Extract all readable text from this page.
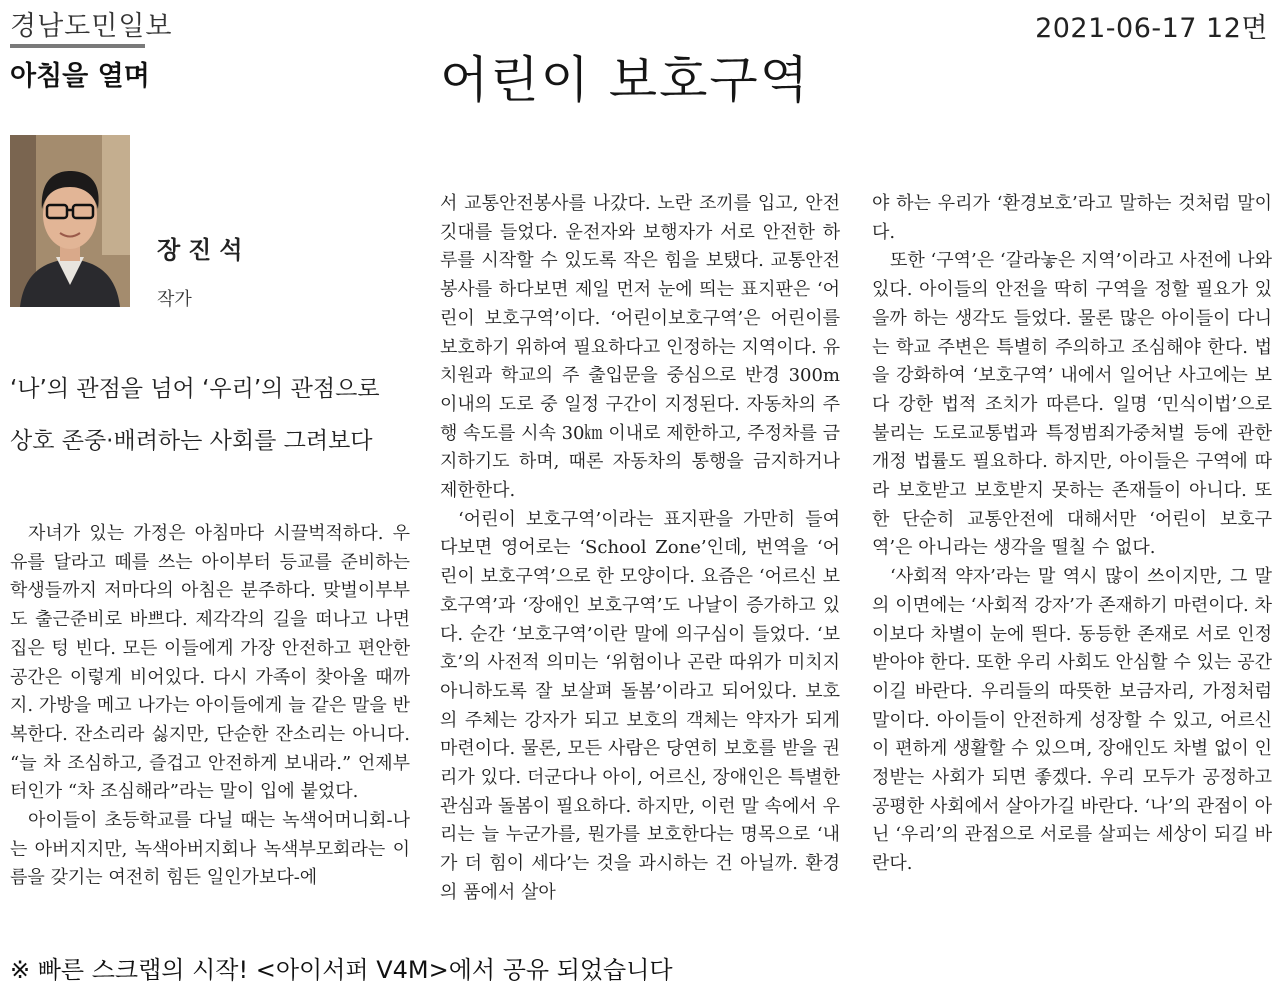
경남도민일보
아침을 열며
2021-06-17 12면
어린이 보호구역
장진석
작가
‘나’의 관점을 넘어 ‘우리’의 관점으로
상호 존중·배려하는 사회를 그려보다

자녀가 있는 가정은 아침마다 시끌벅적하다. 우유를 달라고 떼를 쓰는 아이부터 등교를 준비하는 학생들까지 저마다의 아침은 분주하다. 맞벌이부부도 출근준비로 바쁘다. 제각각의 길을 떠나고 나면 집은 텅 빈다. 모든 이들에게 가장 안전하고 편안한 공간은 이렇게 비어있다. 다시 가족이 찾아올 때까지. 가방을 메고 나가는 아이들에게 늘 같은 말을 반복한다. 잔소리라 싫지만, 단순한 잔소리는 아니다. “늘 차 조심하고, 즐겁고 안전하게 보내라.” 언제부터인가 “차 조심해라”라는 말이 입에 붙었다.

아이들이 초등학교를 다닐 때는 녹색어머니회-나는 아버지지만, 녹색아버지회나 녹색부모회라는 이름을 갖기는 여전히 힘든 일인가보다-에

서 교통안전봉사를 나갔다. 노란 조끼를 입고, 안전 깃대를 들었다. 운전자와 보행자가 서로 안전한 하루를 시작할 수 있도록 작은 힘을 보탰다. 교통안전봉사를 하다보면 제일 먼저 눈에 띄는 표지판은 ‘어린이 보호구역’이다. ‘어린이보호구역’은 어린이를 보호하기 위하여 필요하다고 인정하는 지역이다. 유치원과 학교의 주 출입문을 중심으로 반경 300m 이내의 도로 중 일정 구간이 지정된다. 자동차의 주행 속도를 시속 30㎞ 이내로 제한하고, 주정차를 금지하기도 하며, 때론 자동차의 통행을 금지하거나 제한한다.

‘어린이 보호구역’이라는 표지판을 가만히 들여다보면 영어로는 ‘School Zone’인데, 번역을 ‘어린이 보호구역’으로 한 모양이다. 요즘은 ‘어르신 보호구역’과 ‘장애인 보호구역’도 나날이 증가하고 있다. 순간 ‘보호구역’이란 말에 의구심이 들었다. ‘보호’의 사전적 의미는 ‘위험이나 곤란 따위가 미치지 아니하도록 잘 보살펴 돌봄’이라고 되어있다. 보호의 주체는 강자가 되고 보호의 객체는 약자가 되게 마련이다. 물론, 모든 사람은 당연히 보호를 받을 권리가 있다. 더군다나 아이, 어르신, 장애인은 특별한 관심과 돌봄이 필요하다. 하지만, 이런 말 속에서 우리는 늘 누군가를, 뭔가를 보호한다는 명목으로 ‘내가 더 힘이 세다’는 것을 과시하는 건 아닐까. 환경의 품에서 살아

야 하는 우리가 ‘환경보호’라고 말하는 것처럼 말이다.

또한 ‘구역’은 ‘갈라놓은 지역’이라고 사전에 나와있다. 아이들의 안전을 딱히 구역을 정할 필요가 있을까 하는 생각도 들었다. 물론 많은 아이들이 다니는 학교 주변은 특별히 주의하고 조심해야 한다. 법을 강화하여 ‘보호구역’ 내에서 일어난 사고에는 보다 강한 법적 조치가 따른다. 일명 ‘민식이법’으로 불리는 도로교통법과 특정범죄가중처벌 등에 관한 개정 법률도 필요하다. 하지만, 아이들은 구역에 따라 보호받고 보호받지 못하는 존재들이 아니다. 또한 단순히 교통안전에 대해서만 ‘어린이 보호구역’은 아니라는 생각을 떨칠 수 없다.

‘사회적 약자’라는 말 역시 많이 쓰이지만, 그 말의 이면에는 ‘사회적 강자’가 존재하기 마련이다. 차이보다 차별이 눈에 띈다. 동등한 존재로 서로 인정받아야 한다. 또한 우리 사회도 안심할 수 있는 공간이길 바란다. 우리들의 따뜻한 보금자리, 가정처럼 말이다. 아이들이 안전하게 성장할 수 있고, 어르신이 편하게 생활할 수 있으며, 장애인도 차별 없이 인정받는 사회가 되면 좋겠다. 우리 모두가 공정하고 공평한 사회에서 살아가길 바란다. ‘나’의 관점이 아닌 ‘우리’의 관점으로 서로를 살피는 세상이 되길 바란다.

※ 빠른 스크랩의 시작! <아이서퍼 V4M>에서 공유 되었습니다
